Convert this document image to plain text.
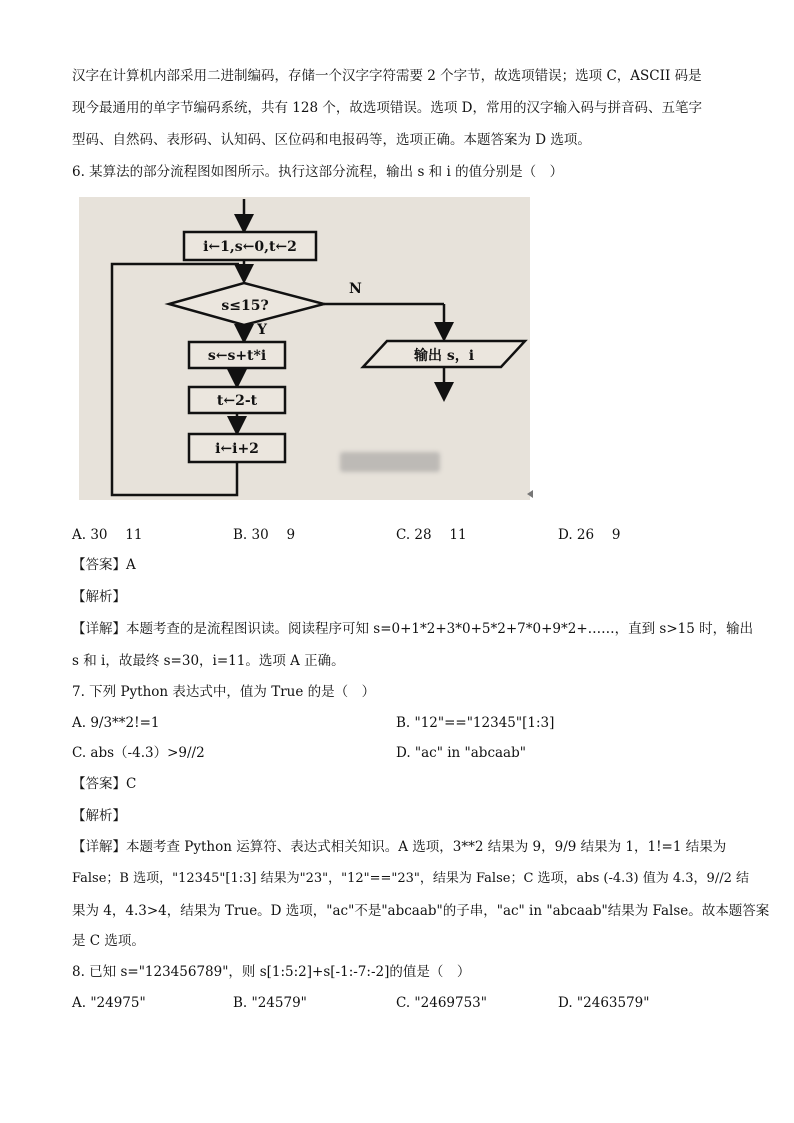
汉字在计算机内部采用二进制编码，存储一个汉字字符需要 2 个字节，故选项错误；选项 C，ASCII 码是
现今最通用的单字节编码系统，共有 128 个，故选项错误。选项 D，常用的汉字输入码与拼音码、五笔字
型码、自然码、表形码、认知码、区位码和电报码等，选项正确。本题答案为 D 选项。
6. 某算法的部分流程图如图所示。执行这部分流程，输出 s 和 i 的值分别是（　）

i←1,s←0,t←2
s≤15?
N
Y
s←s+t*i
t←2-t
i←i+2
输出 s，i
A. 30　 11	B. 30　 9	C. 28　 11	D. 26　 9
【答案】A
【解析】
【详解】本题考查的是流程图识读。阅读程序可知 s=0+1*2+3*0+5*2+7*0+9*2+……，直到 s>15 时，输出
s 和 i，故最终 s=30，i=11。选项 A 正确。
7. 下列 Python 表达式中，值为 True 的是（　）
A. 9/3**2!=1	B. "12"=="12345"[1:3]
C. abs（-4.3）>9//2	D. "ac" in "abcaab"
【答案】C
【解析】
【详解】本题考查 Python 运算符、表达式相关知识。A 选项，3**2 结果为 9，9/9 结果为 1，1!=1 结果为
False；B 选项，"12345"[1:3] 结果为"23"，"12"=="23"，结果为 False；C 选项，abs (-4.3) 值为 4.3，9//2 结
果为 4，4.3>4，结果为 True。D 选项，"ac"不是"abcaab"的子串，"ac" in "abcaab"结果为 False。故本题答案
是 C 选项。
8. 已知 s="123456789"，则 s[1:5:2]+s[-1:-7:-2]的值是（　）
A. "24975"	B. "24579"	C. "2469753"	D. "2463579"
